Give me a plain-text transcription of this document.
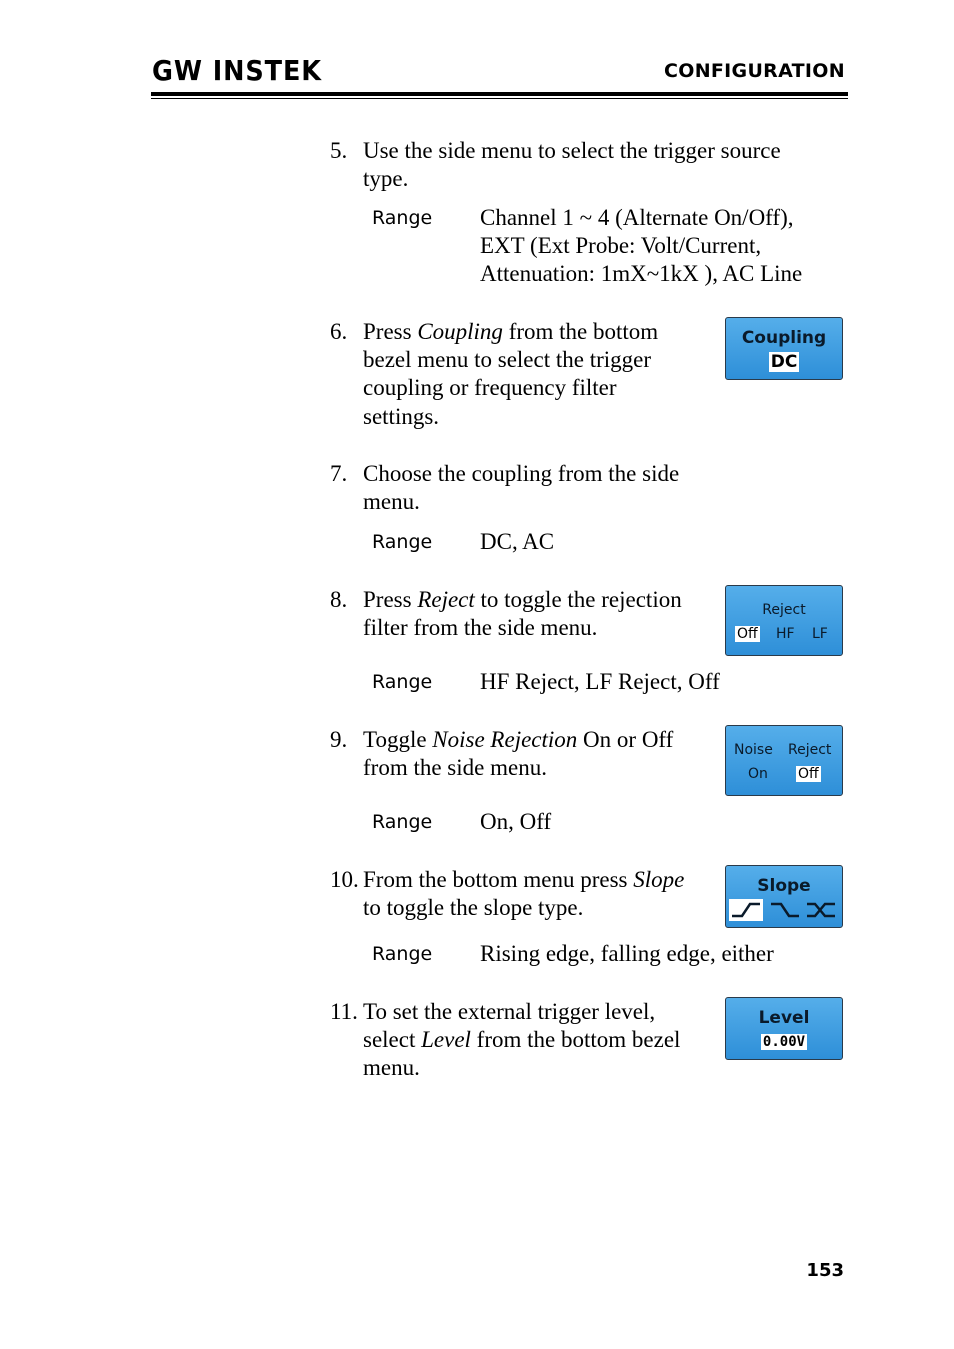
GW INSTEK	CONFIGURATION
5. Use the side menu to select the trigger source
type.
Range Channel 1 ~ 4 (Alternate On/Off),
EXT (Ext Probe: Volt/Current,
Attenuation: 1mX~1kX ), AC Line
6. Press Coupling from the bottom
bezel menu to select the trigger
coupling or frequency filter
settings.
Coupling
DC
7. Choose the coupling from the side
menu.
Range DC, AC
8. Press Reject to toggle the rejection
filter from the side menu.
Range HF Reject, LF Reject, Off
Reject
Off HF LF
9. Toggle Noise Rejection On or Off
from the side menu.
Range On, Off
Noise Reject
On Off
10. From the bottom menu press Slope
to toggle the slope type.
Range Rising edge, falling edge, either
Slope
11. To set the external trigger level,
select Level from the bottom bezel
menu.
Level
0.00V
153
